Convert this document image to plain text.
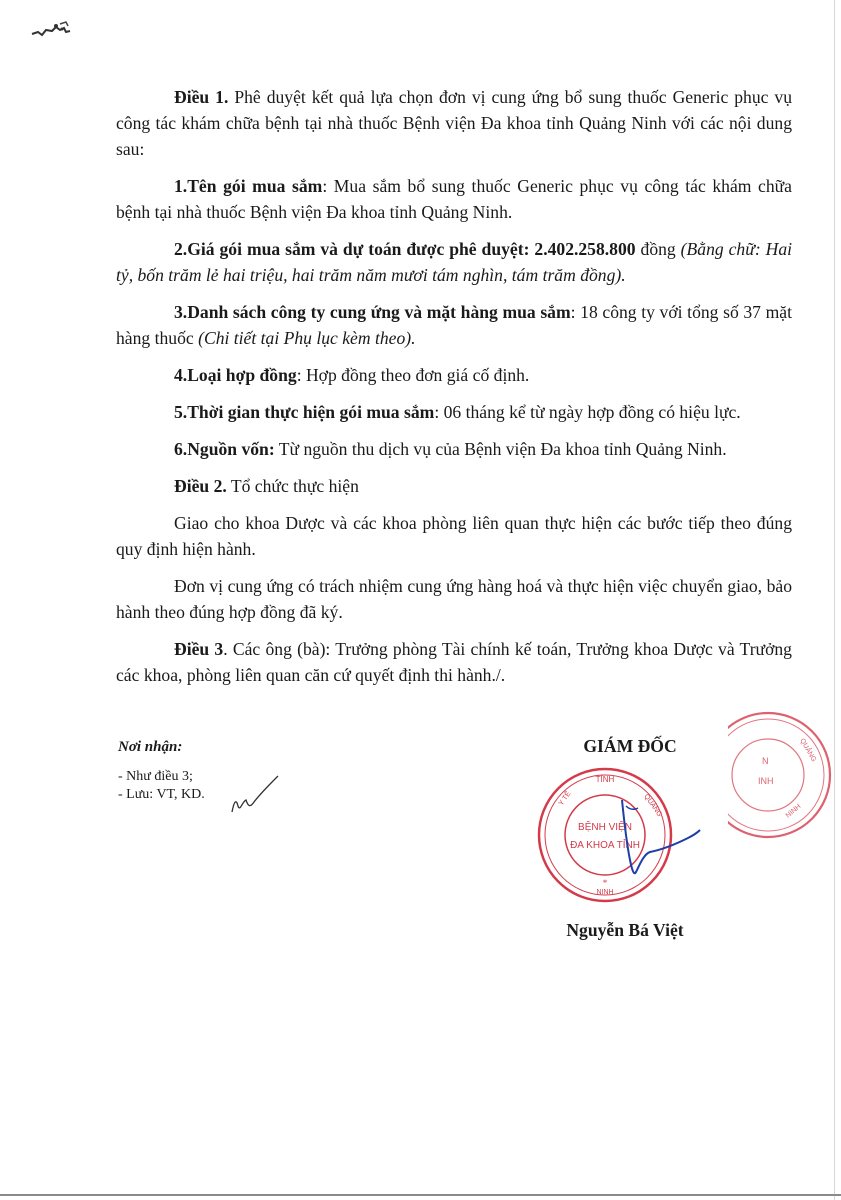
Điều 1. Phê duyệt kết quả lựa chọn đơn vị cung ứng bổ sung thuốc Generic phục vụ công tác khám chữa bệnh tại nhà thuốc Bệnh viện Đa khoa tỉnh Quảng Ninh với các nội dung sau:

1.Tên gói mua sắm: Mua sắm bổ sung thuốc Generic phục vụ công tác khám chữa bệnh tại nhà thuốc Bệnh viện Đa khoa tỉnh Quảng Ninh.

2.Giá gói mua sắm và dự toán được phê duyệt: 2.402.258.800 đồng (Bằng chữ: Hai tỷ, bốn trăm lẻ hai triệu, hai trăm năm mươi tám nghìn, tám trăm đồng).

3.Danh sách công ty cung ứng và mặt hàng mua sắm: 18 công ty với tổng số 37 mặt hàng thuốc (Chi tiết tại Phụ lục kèm theo).

4.Loại hợp đồng: Hợp đồng theo đơn giá cố định.

5.Thời gian thực hiện gói mua sắm: 06 tháng kể từ ngày hợp đồng có hiệu lực.

6.Nguồn vốn: Từ nguồn thu dịch vụ của Bệnh viện Đa khoa tỉnh Quảng Ninh.

Điều 2. Tổ chức thực hiện

Giao cho khoa Dược và các khoa phòng liên quan thực hiện các bước tiếp theo đúng quy định hiện hành.

Đơn vị cung ứng có trách nhiệm cung ứng hàng hoá và thực hiện việc chuyển giao, bảo hành theo đúng hợp đồng đã ký.

Điều 3. Các ông (bà): Trưởng phòng Tài chính kế toán, Trưởng khoa Dược và Trưởng các khoa, phòng liên quan căn cứ quyết định thi hành./.

Nơi nhận:

- Như điều 3;

- Lưu: VT, KD.

GIÁM ĐỐC
TỈNH
Y TẾ	QUẢNG
NINH
BỆNH VIỆN
ĐA KHOA TỈNH
*
N
INH
QUẢNG
NINH
Nguyễn Bá Việt
